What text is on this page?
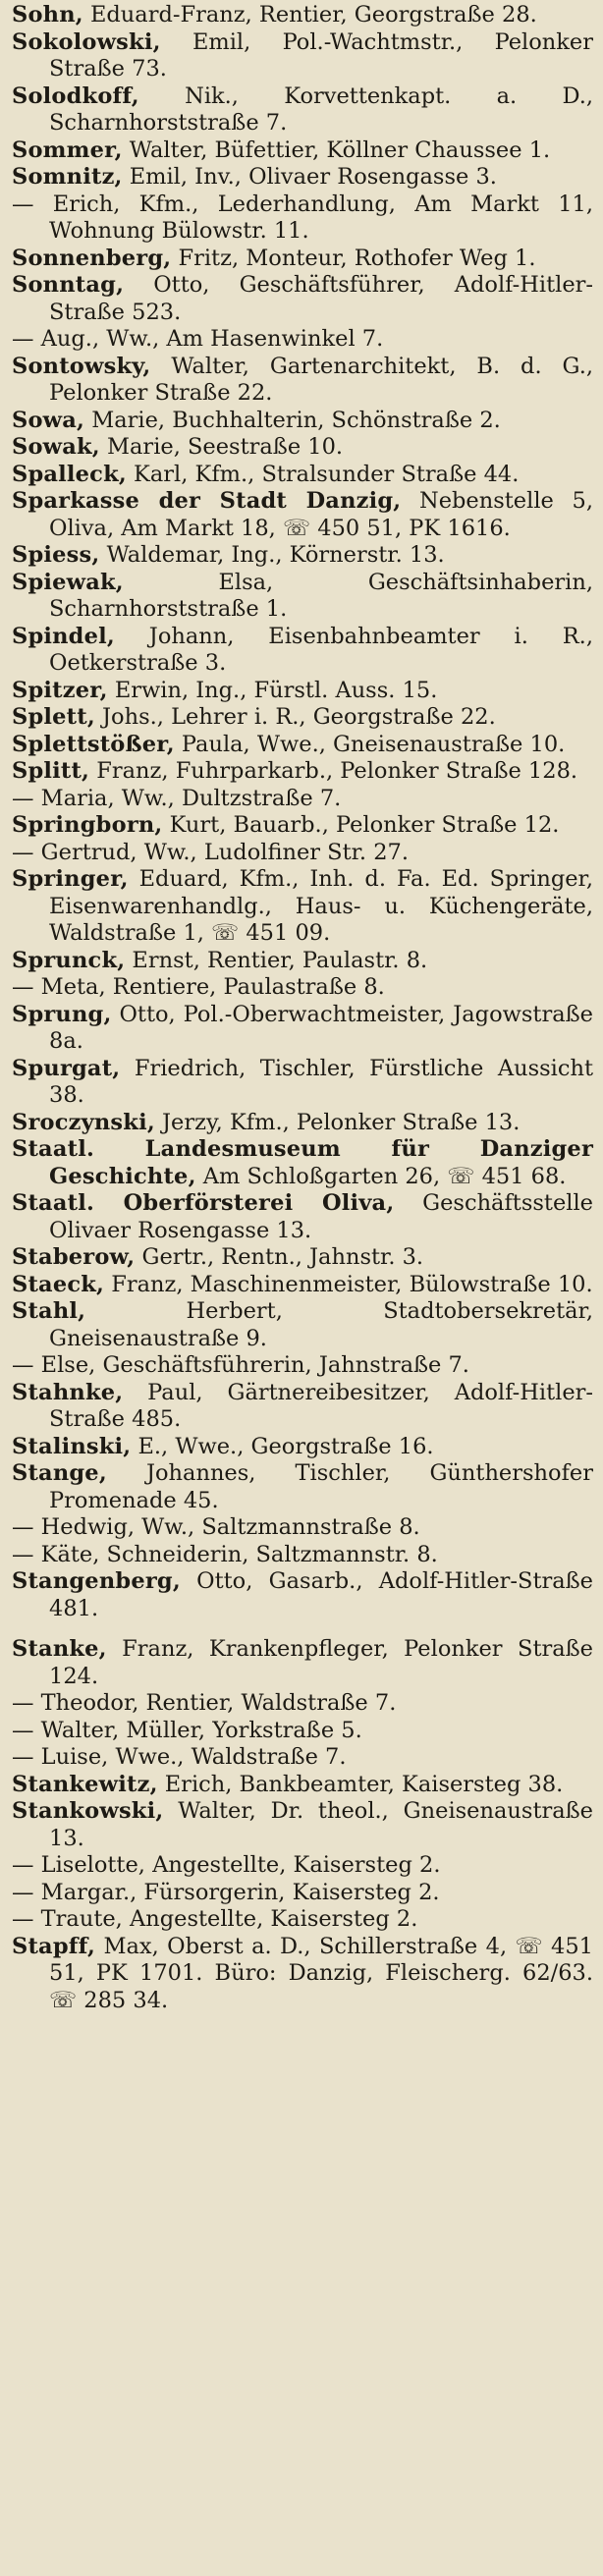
Sohn, Eduard-Franz, Rentier, Georgstraße 28.

Sokolowski, Emil, Pol.-Wachtmstr., Pelonker Straße 73.

Solodkoff, Nik., Korvettenkapt. a. D., Scharnhorststraße 7.

Sommer, Walter, Büfettier, Köllner Chaussee 1.

Somnitz, Emil, Inv., Olivaer Rosengasse 3.

— Erich, Kfm., Lederhandlung, Am Markt 11, Wohnung Bülowstr. 11.

Sonnenberg, Fritz, Monteur, Rothofer Weg 1.

Sonntag, Otto, Geschäftsführer, Adolf-Hitler-Straße 523.

— Aug., Ww., Am Hasenwinkel 7.

Sontowsky, Walter, Gartenarchitekt, B. d. G., Pelonker Straße 22.

Sowa, Marie, Buchhalterin, Schönstraße 2.

Sowak, Marie, Seestraße 10.

Spalleck, Karl, Kfm., Stralsunder Straße 44.

Sparkasse der Stadt Danzig, Nebenstelle 5, Oliva, Am Markt 18, ☏ 450 51, PK 1616.

Spiess, Waldemar, Ing., Körnerstr. 13.

Spiewak, Elsa, Geschäftsinhaberin, Scharnhorststraße 1.

Spindel, Johann, Eisenbahnbeamter i. R., Oetkerstraße 3.

Spitzer, Erwin, Ing., Fürstl. Auss. 15.

Splett, Johs., Lehrer i. R., Georgstraße 22.

Splettstößer, Paula, Wwe., Gneisenaustraße 10.

Splitt, Franz, Fuhrparkarb., Pelonker Straße 128.

— Maria, Ww., Dultzstraße 7.

Springborn, Kurt, Bauarb., Pelonker Straße 12.

— Gertrud, Ww., Ludolfiner Str. 27.

Springer, Eduard, Kfm., Inh. d. Fa. Ed. Springer, Eisenwarenhandlg., Haus- u. Küchengeräte, Waldstraße 1, ☏ 451 09.

Sprunck, Ernst, Rentier, Paulastr. 8.

— Meta, Rentiere, Paulastraße 8.

Sprung, Otto, Pol.-Oberwachtmeister, Jagowstraße 8a.

Spurgat, Friedrich, Tischler, Fürstliche Aussicht 38.

Sroczynski, Jerzy, Kfm., Pelonker Straße 13.

Staatl. Landesmuseum für Danziger Geschichte, Am Schloßgarten 26, ☏ 451 68.

Staatl. Oberförsterei Oliva, Geschäftsstelle Olivaer Rosengasse 13.

Staberow, Gertr., Rentn., Jahnstr. 3.

Staeck, Franz, Maschinenmeister, Bülowstraße 10.

Stahl, Herbert, Stadtobersekretär, Gneisenaustraße 9.

— Else, Geschäftsführerin, Jahnstraße 7.

Stahnke, Paul, Gärtnereibesitzer, Adolf-Hitler-Straße 485.

Stalinski, E., Wwe., Georgstraße 16.

Stange, Johannes, Tischler, Günthershofer Promenade 45.

— Hedwig, Ww., Saltzmannstraße 8.

— Käte, Schneiderin, Saltzmannstr. 8.

Stangenberg, Otto, Gasarb., Adolf-Hitler-Straße 481.

Stanke, Franz, Krankenpfleger, Pelonker Straße 124.

— Theodor, Rentier, Waldstraße 7.

— Walter, Müller, Yorkstraße 5.

— Luise, Wwe., Waldstraße 7.

Stankewitz, Erich, Bankbeamter, Kaisersteg 38.

Stankowski, Walter, Dr. theol., Gneisenaustraße 13.

— Liselotte, Angestellte, Kaisersteg 2.

— Margar., Fürsorgerin, Kaisersteg 2.

— Traute, Angestellte, Kaisersteg 2.

Stapff, Max, Oberst a. D., Schillerstraße 4, ☏ 451 51, PK 1701. Büro: Danzig, Fleischerg. 62/63. ☏ 285 34.
